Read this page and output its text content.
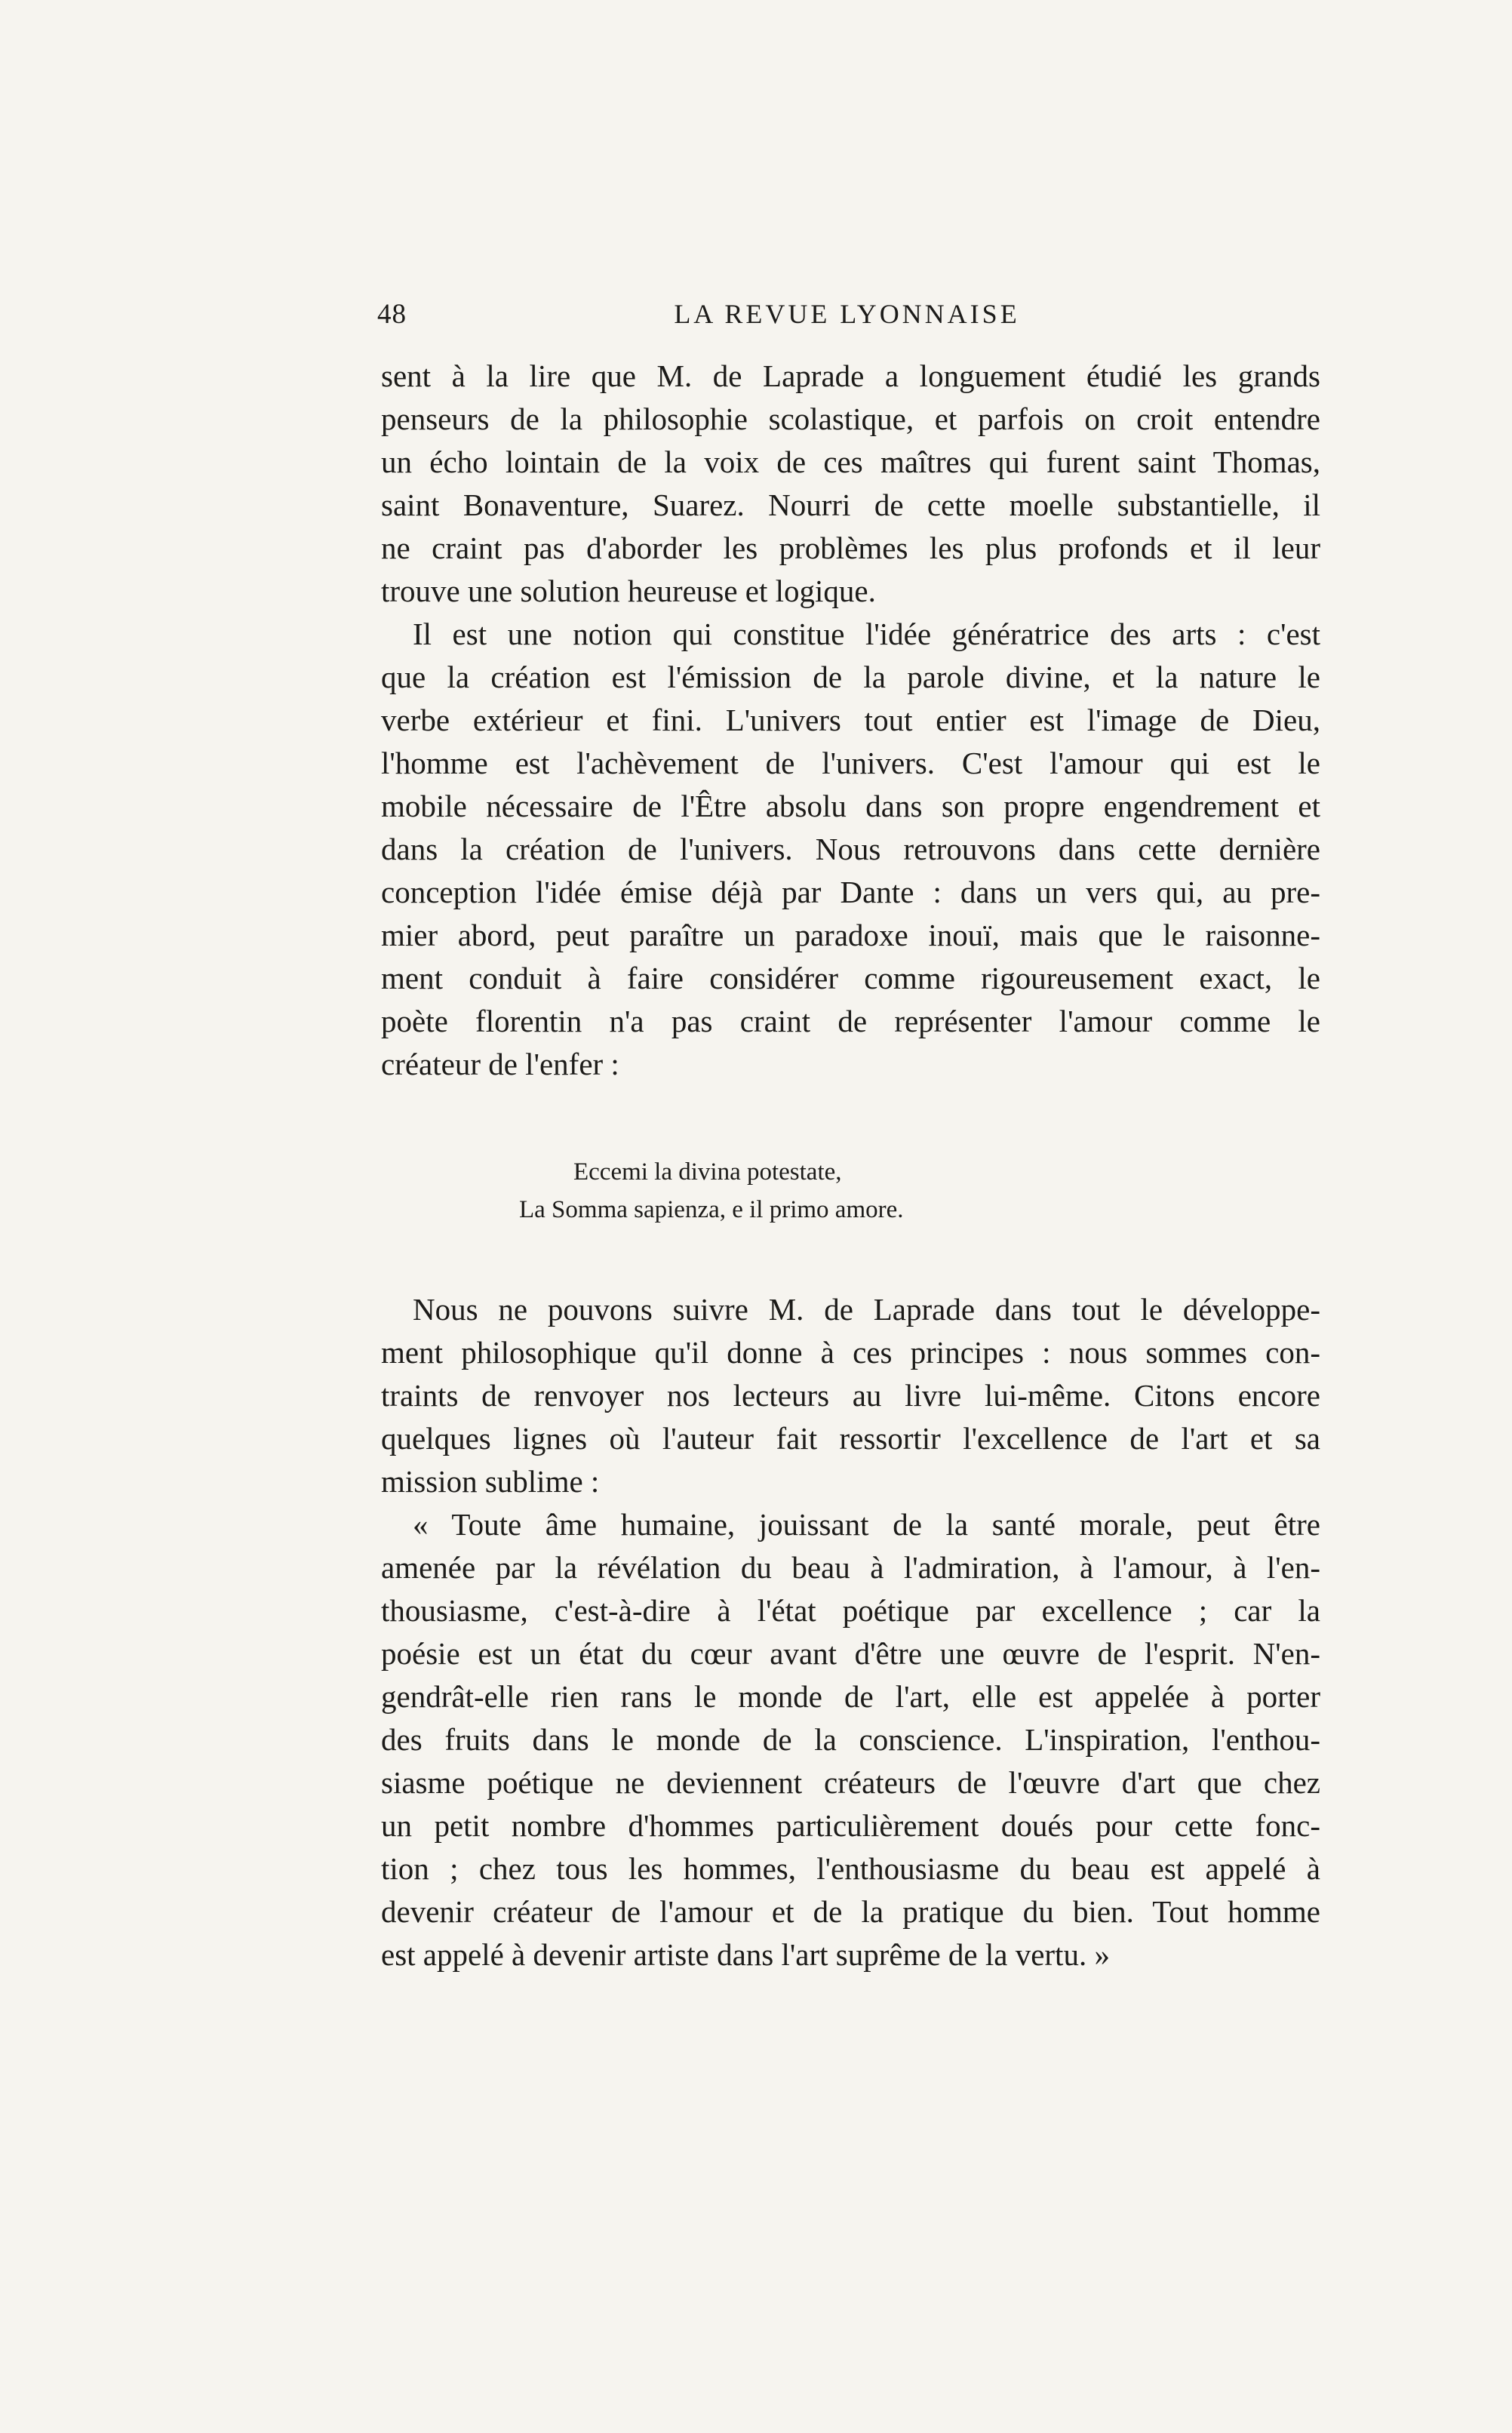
48	LA REVUE LYONNAISE
sent à la lire que M. de Laprade a longuement étudié les grands
penseurs de la philosophie scolastique, et parfois on croit entendre
un écho lointain de la voix de ces maîtres qui furent saint Thomas,
saint Bonaventure, Suarez. Nourri de cette moelle substantielle, il
ne craint pas d'aborder les problèmes les plus profonds et il leur
trouve une solution heureuse et logique.
Il est une notion qui constitue l'idée génératrice des arts : c'est
que la création est l'émission de la parole divine, et la nature le
verbe extérieur et fini. L'univers tout entier est l'image de Dieu,
l'homme est l'achèvement de l'univers. C'est l'amour qui est le
mobile nécessaire de l'Être absolu dans son propre engendrement et
dans la création de l'univers. Nous retrouvons dans cette dernière
conception l'idée émise déjà par Dante : dans un vers qui, au pre-
mier abord, peut paraître un paradoxe inouï, mais que le raisonne-
ment conduit à faire considérer comme rigoureusement exact, le
poète florentin n'a pas craint de représenter l'amour comme le
créateur de l'enfer :
Eccemi la divina potestate,
La Somma sapienza, e il primo amore.
Nous ne pouvons suivre M. de Laprade dans tout le développe-
ment philosophique qu'il donne à ces principes : nous sommes con-
traints de renvoyer nos lecteurs au livre lui-même. Citons encore
quelques lignes où l'auteur fait ressortir l'excellence de l'art et sa
mission sublime :
« Toute âme humaine, jouissant de la santé morale, peut être
amenée par la révélation du beau à l'admiration, à l'amour, à l'en-
thousiasme, c'est-à-dire à l'état poétique par excellence ; car la
poésie est un état du cœur avant d'être une œuvre de l'esprit. N'en-
gendrât-elle rien rans le monde de l'art, elle est appelée à porter
des fruits dans le monde de la conscience. L'inspiration, l'enthou-
siasme poétique ne deviennent créateurs de l'œuvre d'art que chez
un petit nombre d'hommes particulièrement doués pour cette fonc-
tion ; chez tous les hommes, l'enthousiasme du beau est appelé à
devenir créateur de l'amour et de la pratique du bien. Tout homme
est appelé à devenir artiste dans l'art suprême de la vertu. »
